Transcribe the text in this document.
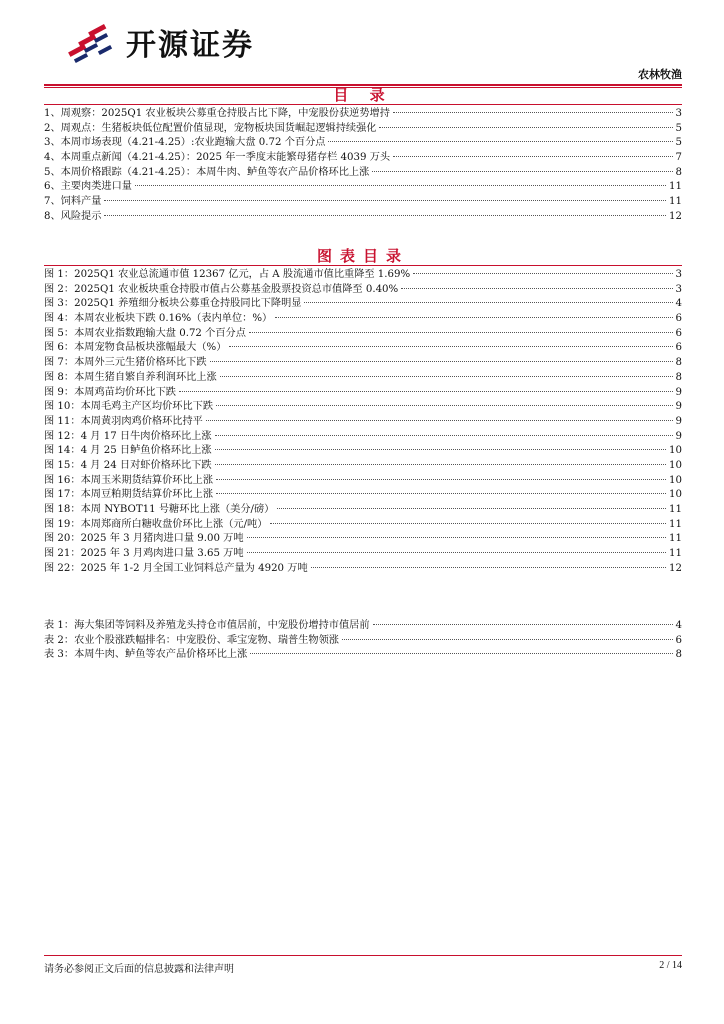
开源证券
农林牧渔
目 录
1、 周观察：2025Q1 农业板块公募重仓持股占比下降，中宠股份获逆势增持	3
2、 周观点：生猪板块低位配置价值显现，宠物板块国货崛起逻辑持续强化	5
3、 本周市场表现（4.21-4.25）:农业跑输大盘 0.72 个百分点	5
4、 本周重点新闻（4.21-4.25）：2025 年一季度末能繁母猪存栏 4039 万头	7
5、 本周价格跟踪（4.21-4.25）：本周牛肉、鲈鱼等农产品价格环比上涨	8
6、 主要肉类进口量	11
7、 饲料产量	11
8、 风险提示	12
图表目录
图 1： 2025Q1 农业总流通市值 12367 亿元，占 A 股流通市值比重降至 1.69%	3
图 2： 2025Q1 农业板块重仓持股市值占公募基金股票投资总市值降至 0.40%	3
图 3： 2025Q1 养殖细分板块公募重仓持股同比下降明显	4
图 4： 本周农业板块下跌 0.16%（表内单位：%）	6
图 5： 本周农业指数跑输大盘 0.72 个百分点	6
图 6： 本周宠物食品板块涨幅最大（%）	6
图 7： 本周外三元生猪价格环比下跌	8
图 8： 本周生猪自繁自养利润环比上涨	8
图 9： 本周鸡苗均价环比下跌	9
图 10： 本周毛鸡主产区均价环比下跌	9
图 11： 本周黄羽肉鸡价格环比持平	9
图 12： 4 月 17 日牛肉价格环比上涨	9
图 14： 4 月 25 日鲈鱼价格环比上涨	10
图 15： 4 月 24 日对虾价格环比下跌	10
图 16： 本周玉米期货结算价环比上涨	10
图 17： 本周豆粕期货结算价环比上涨	10
图 18： 本周 NYBOT11 号糖环比上涨（美分/磅）	11
图 19： 本周郑商所白糖收盘价环比上涨（元/吨）	11
图 20： 2025 年 3 月猪肉进口量 9.00 万吨	11
图 21： 2025 年 3 月鸡肉进口量 3.65 万吨	11
图 22： 2025 年 1-2 月全国工业饲料总产量为 4920 万吨	12
表 1： 海大集团等饲料及养殖龙头持仓市值居前，中宠股份增持市值居前	4
表 2： 农业个股涨跌幅排名：中宠股份、乖宝宠物、瑞普生物领涨	6
表 3： 本周牛肉、鲈鱼等农产品价格环比上涨	8
请务必参阅正文后面的信息披露和法律声明	2 / 14
